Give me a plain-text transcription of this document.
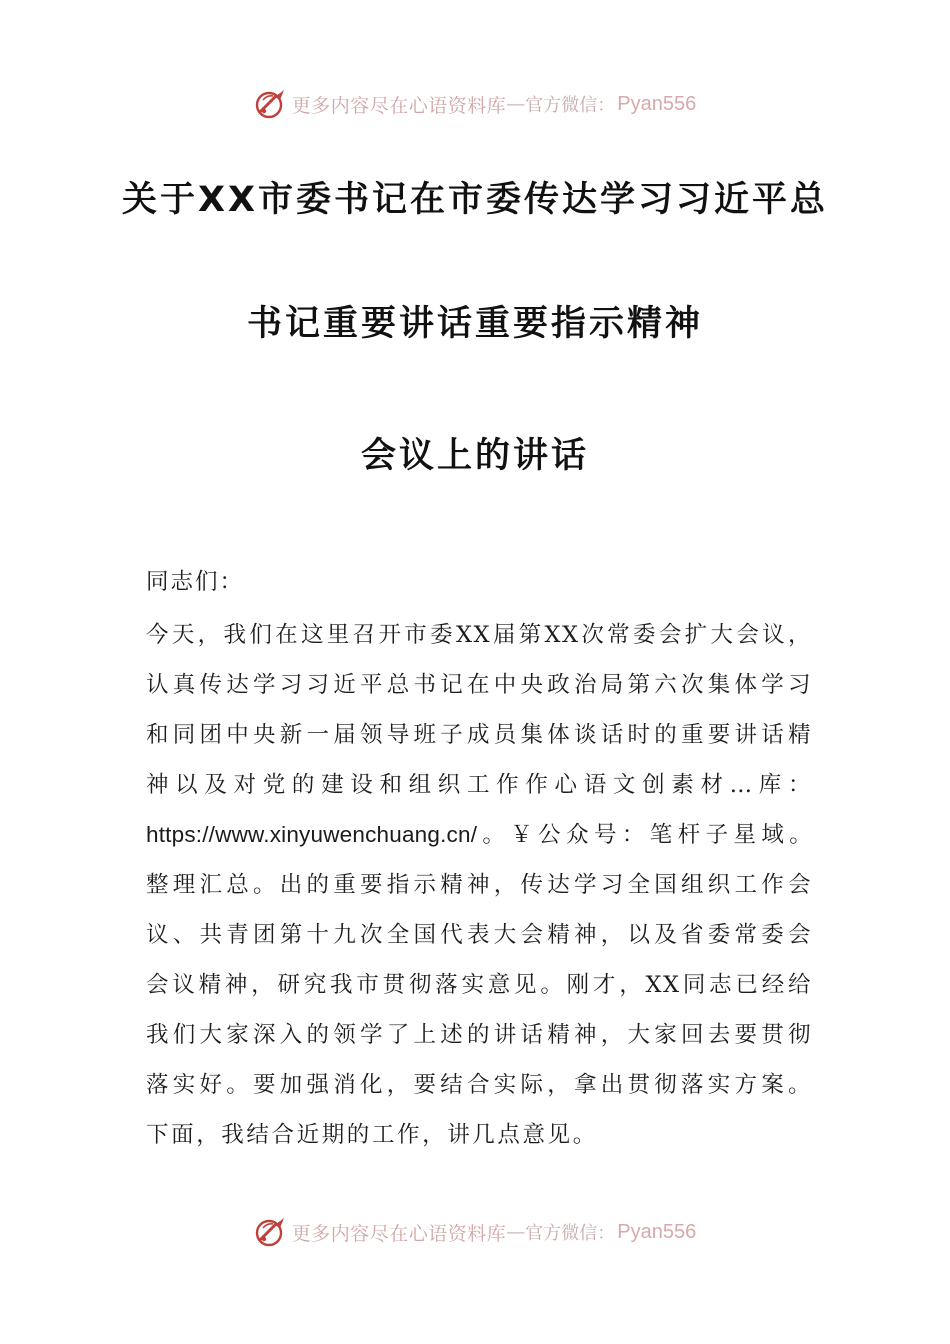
更多内容尽在心语资料库 — 官方微信： Pyan556
关于XX市委书记在市委传达学习习近平总
书记重要讲话重要指示精神
会议上的讲话
同志们：
今天，我们在这里召开市委XX届第XX次常委会扩大会议，
认真传达学习习近平总书记在中央政治局第六次集体学习
和同团中央新一届领导班子成员集体谈话时的重要讲话精
神以及对党的建设和组织工作作心语文创素材…库：
https://www.xinyuwenchuang.cn/。￥公众号：笔杆子星域。
整理汇总。出的重要指示精神，传达学习全国组织工作会
议、共青团第十九次全国代表大会精神，以及省委常委会
会议精神，研究我市贯彻落实意见。刚才，XX同志已经给
我们大家深入的领学了上述的讲话精神，大家回去要贯彻
落实好。要加强消化，要结合实际，拿出贯彻落实方案。
下面，我结合近期的工作，讲几点意见。
更多内容尽在心语资料库 — 官方微信： Pyan556
